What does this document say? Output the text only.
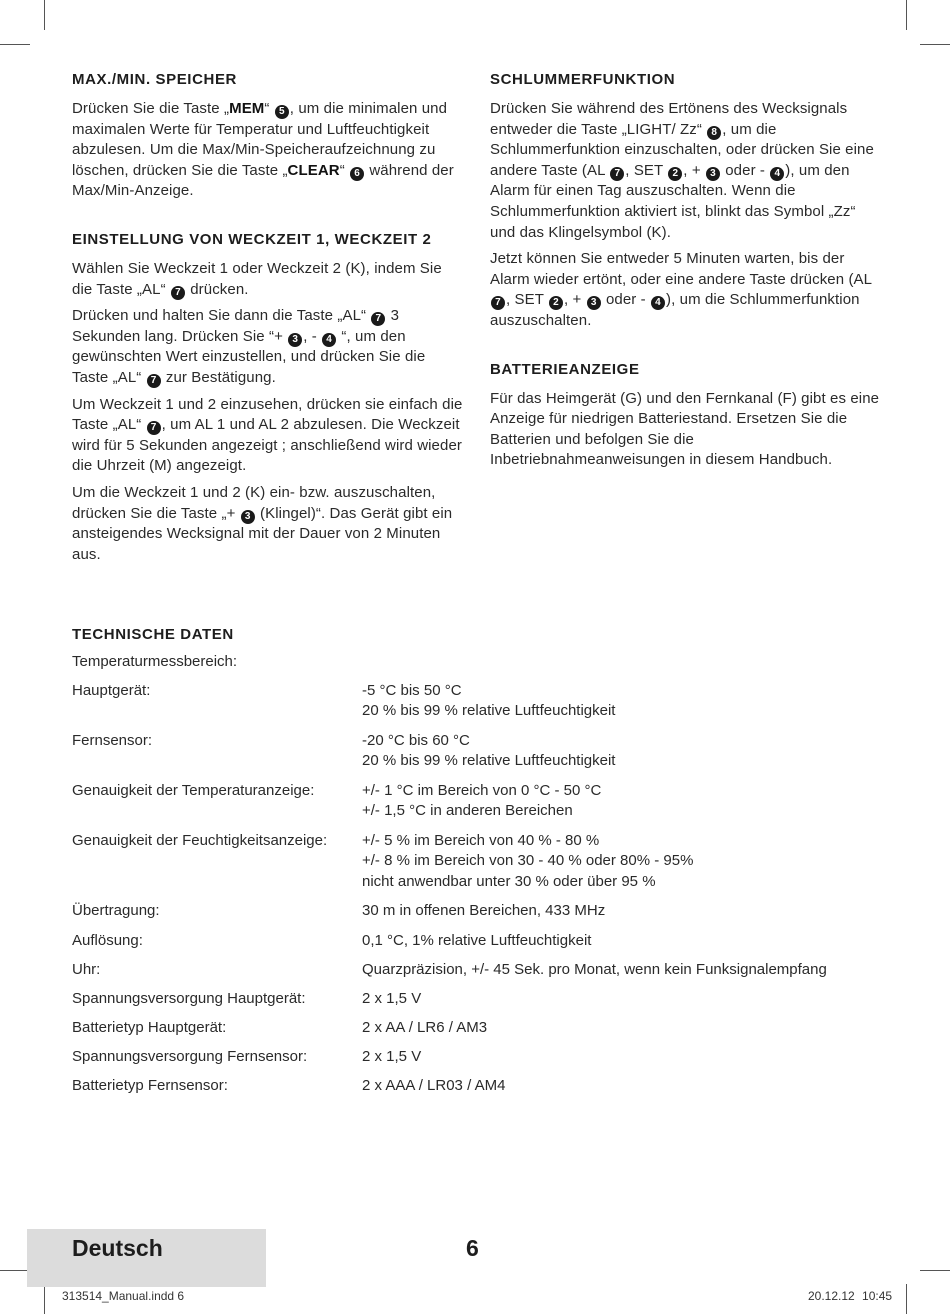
MAX./MIN. SPEICHER

Drücken Sie die Taste „MEM“ 5 , um die minimalen und maximalen Werte für Temperatur und Luftfeuchtigkeit abzulesen. Um die Max/Min-Speicheraufzeichnung zu löschen, drücken Sie die Taste „CLEAR“ 6 während der Max/Min-Anzeige.

EINSTELLUNG VON WECKZEIT 1, WECKZEIT 2

Wählen Sie Weckzeit 1 oder Weckzeit 2 (K), indem Sie die Taste „AL“ 7 drücken.

Drücken und halten Sie dann die Taste „AL“ 7 3 Sekunden lang. Drücken Sie “+ 3 , - 4 “, um den gewünschten Wert einzustellen, und drücken Sie die Taste „AL“ 7 zur Bestätigung.

Um Weckzeit 1 und 2 einzusehen, drücken sie einfach die Taste „AL“ 7 , um AL 1 und AL 2 abzulesen. Die Weckzeit wird für 5 Sekunden angezeigt ; anschließend wird wieder die Uhrzeit (M) angezeigt.

Um die Weckzeit 1 und 2 (K) ein- bzw. auszuschalten, drücken Sie die Taste „+ 3 (Klingel)“. Das Gerät gibt ein ansteigendes Wecksignal mit der Dauer von 2 Minuten aus.

SCHLUMMERFUNKTION

Drücken Sie während des Ertönens des Wecksignals entweder die Taste „LIGHT/ Zz“ 8 , um die Schlummerfunktion einzuschalten, oder drücken Sie eine andere Taste (AL 7 , SET 2 , + 3 oder - 4 ), um den Alarm für einen Tag auszuschalten. Wenn die Schlummerfunktion aktiviert ist, blinkt das Symbol „Zz“ und das Klingelsymbol (K).

Jetzt können Sie entweder 5 Minuten warten, bis der Alarm wieder ertönt, oder eine andere Taste drücken (AL 7 , SET 2 , + 3 oder - 4 ), um die Schlummerfunktion auszuschalten.

BATTERIEANZEIGE

Für das Heimgerät (G) und den Fernkanal (F) gibt es eine Anzeige für niedrigen Batteriestand. Ersetzen Sie die Batterien und befolgen Sie die Inbetriebnahmeanweisungen in diesem Handbuch.

TECHNISCHE DATEN
Temperaturmessbereich:
Hauptgerät:	-5 °C bis 50 °C
20 % bis 99 % relative Luftfeuchtigkeit
Fernsensor:	-20 °C bis 60 °C
20 % bis 99 % relative Luftfeuchtigkeit
Genauigkeit der Temperaturanzeige:	+/- 1 °C im Bereich von 0 °C - 50 °C
+/- 1,5 °C in anderen Bereichen
Genauigkeit der Feuchtigkeitsanzeige:	+/- 5 % im Bereich von 40 % - 80 %
+/- 8 % im Bereich von 30 - 40 % oder 80% - 95%
nicht anwendbar unter 30 % oder über 95 %
Übertragung:	30 m in offenen Bereichen, 433 MHz
Auflösung:	0,1 °C, 1% relative Luftfeuchtigkeit
Uhr:	Quarzpräzision, +/- 45 Sek. pro Monat, wenn kein Funksignalempfang
Spannungsversorgung Hauptgerät:	2 x 1,5 V
Batterietyp Hauptgerät:	2 x AA / LR6 / AM3
Spannungsversorgung Fernsensor:	2 x 1,5 V
Batterietyp Fernsensor:	2 x AAA / LR03 / AM4
Deutsch	6
313514_Manual.indd 6	20.12.12 10:45
